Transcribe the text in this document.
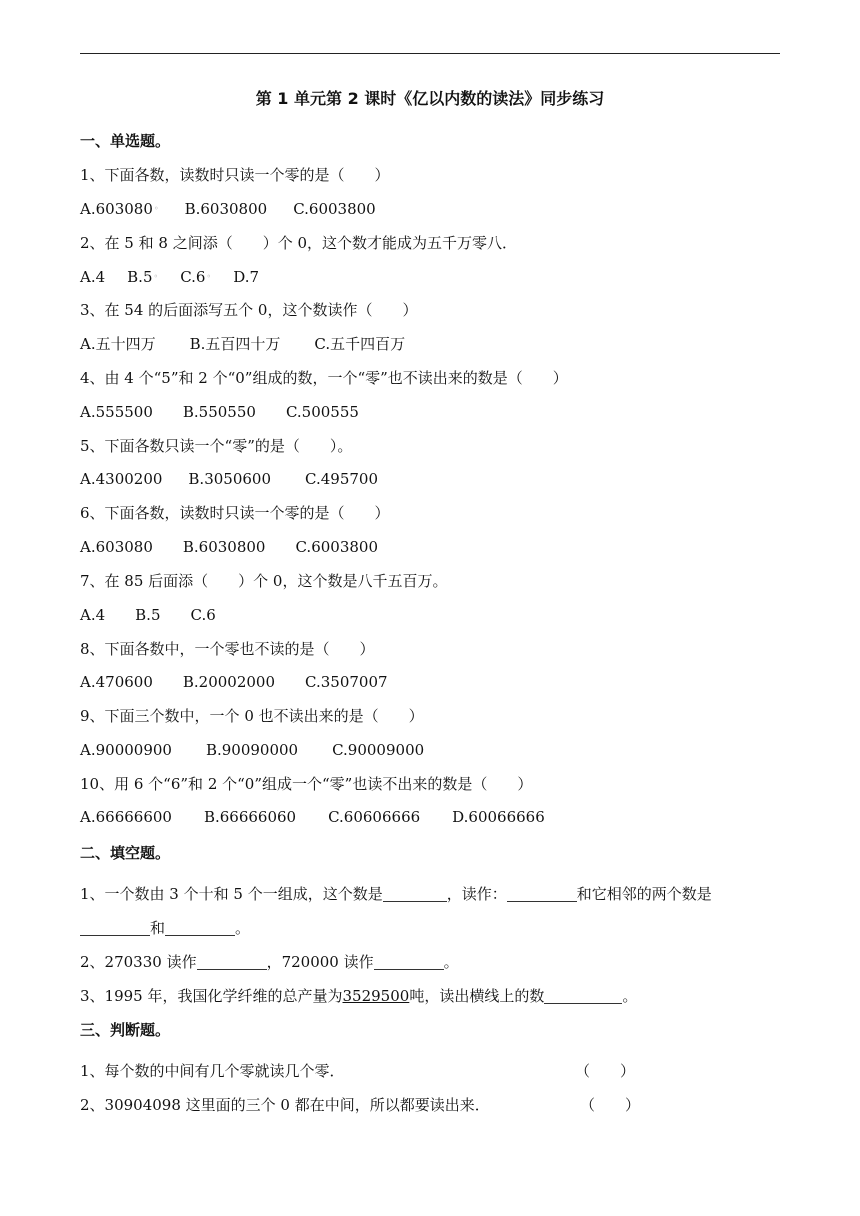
第 1 单元第 2 课时《亿以内数的读法》同步练习
一、单选题。
1、下面各数，读数时只读一个零的是（　　）
A.603080◦ B.6030800 C.6003800
2、在 5 和 8 之间添（　　）个 0，这个数才能成为五千万零八．
A.4 B.5◦ C.6◦ D.7
3、在 54 的后面添写五个 0，这个数读作（　　）
A.五十四万 B.五百四十万 C.五千四百万
4、由 4 个“5”和 2 个“0”组成的数，一个“零”也不读出来的数是（　　）
A.555500 B.550550 C.500555
5、下面各数只读一个“零”的是（　　）。
A.4300200 B.3050600 C.495700
6、下面各数，读数时只读一个零的是（　　）
A.603080 B.6030800 C.6003800
7、在 85 后面添（　　）个 0，这个数是八千五百万。
A.4 B.5 C.6
8、下面各数中，一个零也不读的是（　　）
A.470600 B.20002000 C.3507007
9、下面三个数中，一个 0 也不读出来的是（　　）
A.90000900 B.90090000 C.90009000
10、用 6 个“6”和 2 个“0”组成一个“零”也读不出来的数是（　　）
A.66666600 B.66666060 C.60606666 D.60066666
二、填空题。
1、一个数由 3 个十和 5 个一组成，这个数是	，读作：	和它相邻的两个数是
和	。
2、270330 读作	，720000 读作	。
3、1995 年，我国化学纤维的总产量为3529500吨，读出横线上的数	。
三、判断题。
1、每个数的中间有几个零就读几个零．	（　　）
2、30904098 这里面的三个 0 都在中间，所以都要读出来．	（　　）
